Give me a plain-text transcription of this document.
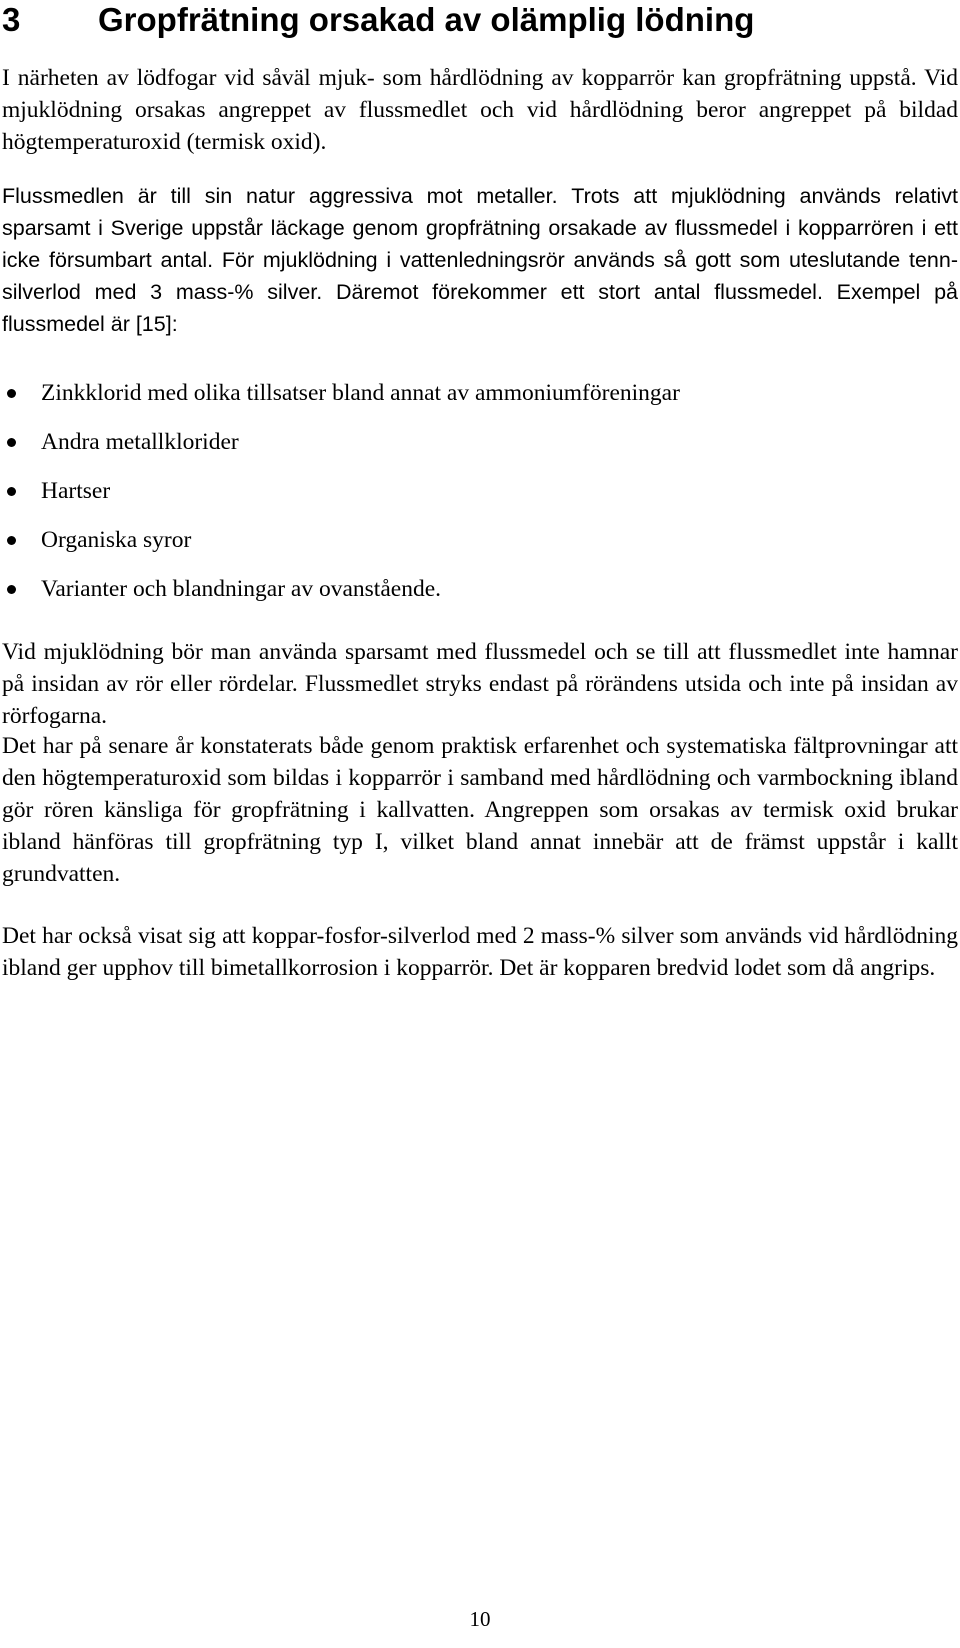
3 Gropfrätning orsakad av olämplig lödning

I närheten av lödfogar vid såväl mjuk- som hårdlödning av kopparrör kan gropfrätning uppstå. Vid mjuklödning orsakas angreppet av flussmedlet och vid hårdlödning beror angreppet på bildad högtemperaturoxid (termisk oxid).

Flussmedlen är till sin natur aggressiva mot metaller. Trots att mjuklödning används relativt sparsamt i Sverige uppstår läckage genom gropfrätning orsakade av flussmedel i kopparrören i ett icke försumbart antal. För mjuklödning i vattenledningsrör används så gott som uteslutande tenn-silverlod med 3 mass-% silver. Däremot förekommer ett stort antal flussmedel. Exempel på flussmedel är [15]:

Zinkklorid med olika tillsatser bland annat av ammoniumföreningar
Andra metallklorider
Hartser
Organiska syror
Varianter och blandningar av ovanstående.

Vid mjuklödning bör man använda sparsamt med flussmedel och se till att flussmedlet inte hamnar på insidan av rör eller rördelar. Flussmedlet stryks endast på rörändens utsida och inte på insidan av rörfogarna.

Det har på senare år konstaterats både genom praktisk erfarenhet och systematiska fältprovningar att den högtemperaturoxid som bildas i kopparrör i samband med hårdlödning och varmbockning ibland gör rören känsliga för gropfrätning i kallvatten. Angreppen som orsakas av termisk oxid brukar ibland hänföras till gropfrätning typ I, vilket bland annat innebär att de främst uppstår i kallt grundvatten.

Det har också visat sig att koppar-fosfor-silverlod med 2 mass-% silver som används vid hårdlödning ibland ger upphov till bimetallkorrosion i kopparrör. Det är kopparen bredvid lodet som då angrips.

10
